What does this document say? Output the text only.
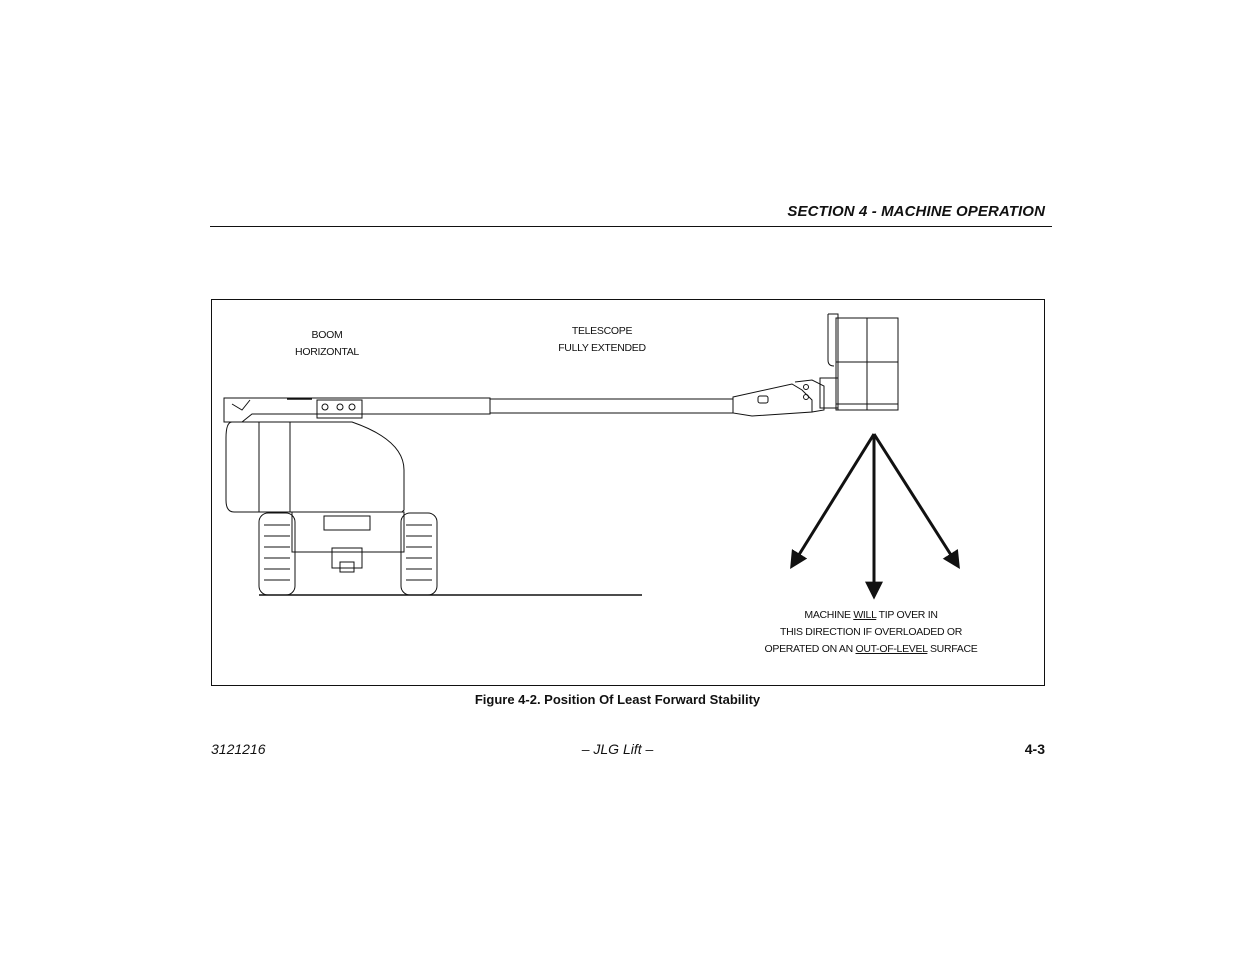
SECTION 4 - MACHINE OPERATION
BOOM
HORIZONTAL
TELESCOPE
FULLY EXTENDED
MACHINE WILL TIP OVER IN
THIS DIRECTION IF OVERLOADED OR
OPERATED ON AN OUT-OF-LEVEL SURFACE
Figure 4-2. Position Of Least Forward Stability
3121216	– JLG Lift –	4-3
